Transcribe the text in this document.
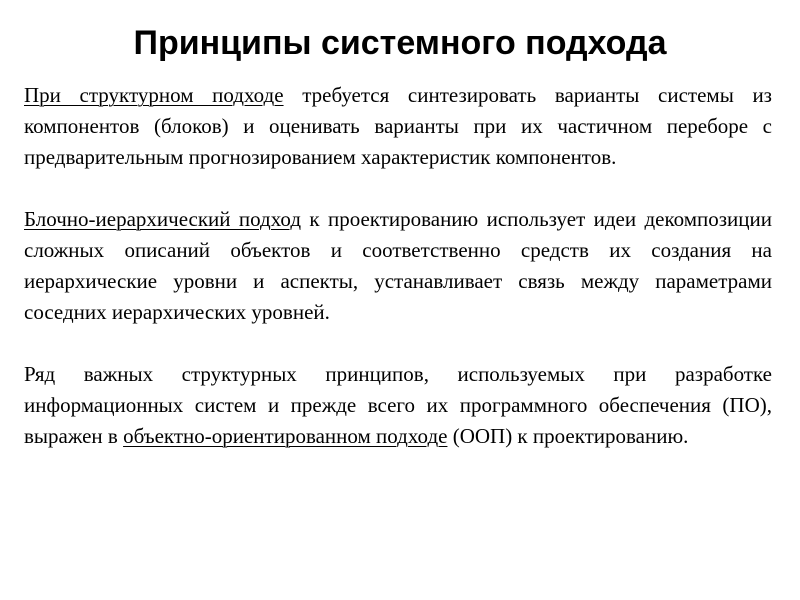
Принципы системного подхода

При структурном подходе требуется синтезировать варианты системы из компонентов (блоков) и оценивать варианты при их частичном переборе с предварительным прогнозированием характеристик компонентов.

Блочно-иерархический подход к проектированию использует идеи декомпозиции сложных описаний объектов и соответственно средств их создания на иерархические уровни и аспекты, устанавливает связь между параметрами соседних иерархических уровней.

Ряд важных структурных принципов, используемых при разработке информационных систем и прежде всего их программного обеспечения (ПО), выражен в объектно-ориентированном подходе (ООП) к проектированию.
